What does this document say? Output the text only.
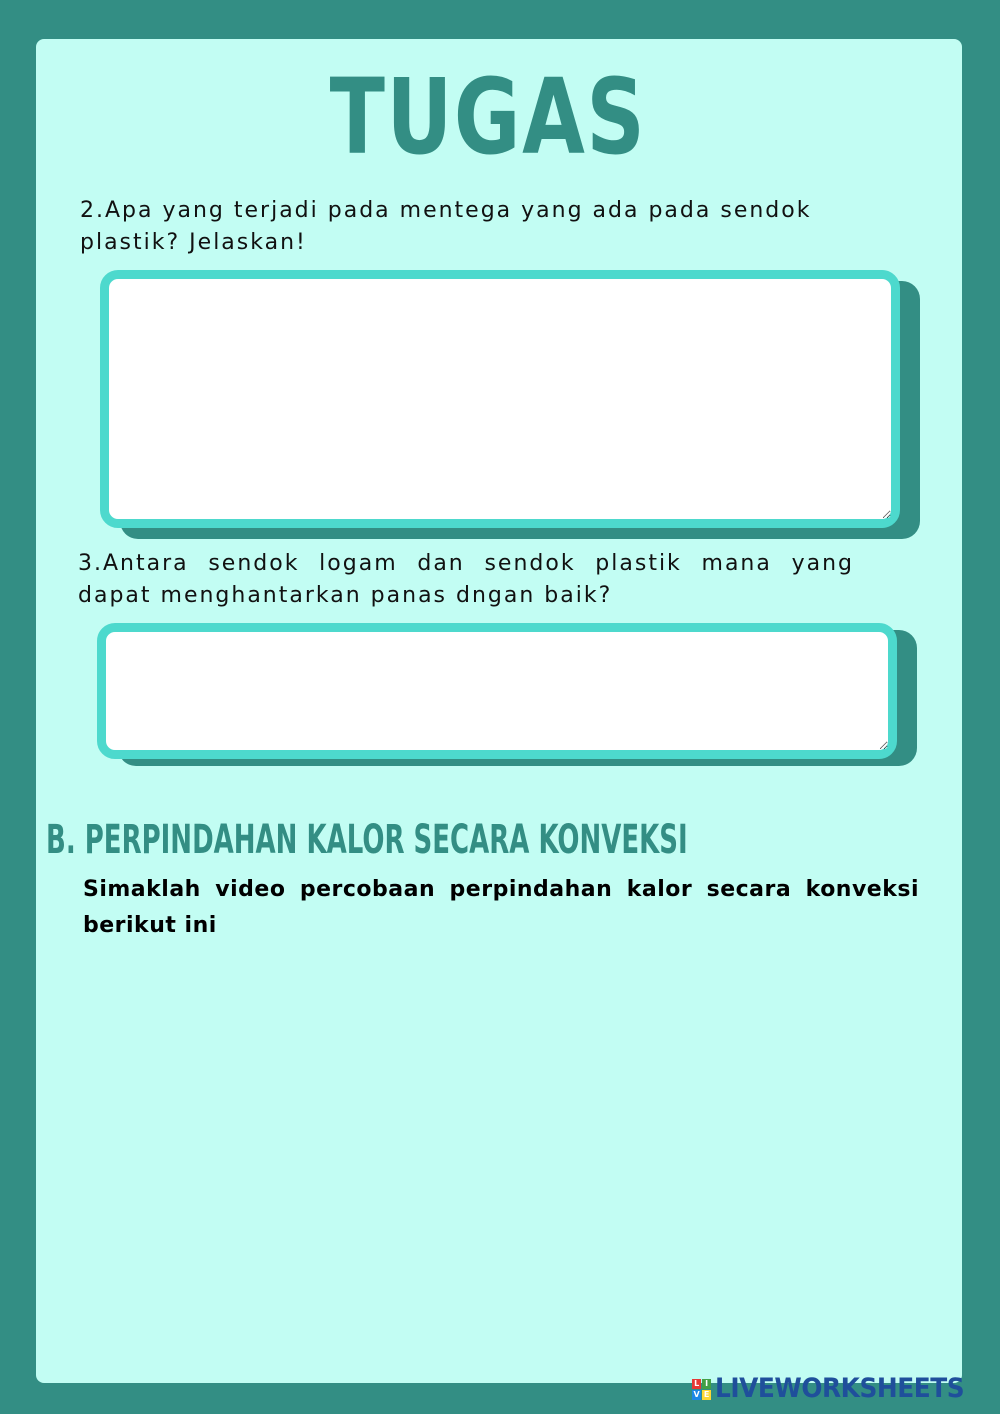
TUGAS

2.Apa yang terjadi pada mentega yang ada pada sendok plastik? Jelaskan!

3.Antara sendok logam dan sendok plastik mana yang dapat menghantarkan panas dngan baik?

B. PERPINDAHAN KALOR SECARA KONVEKSI

Simaklah video percobaan perpindahan kalor secara konveksi berikut ini

L I
V E LIVEWORKSHEETS
